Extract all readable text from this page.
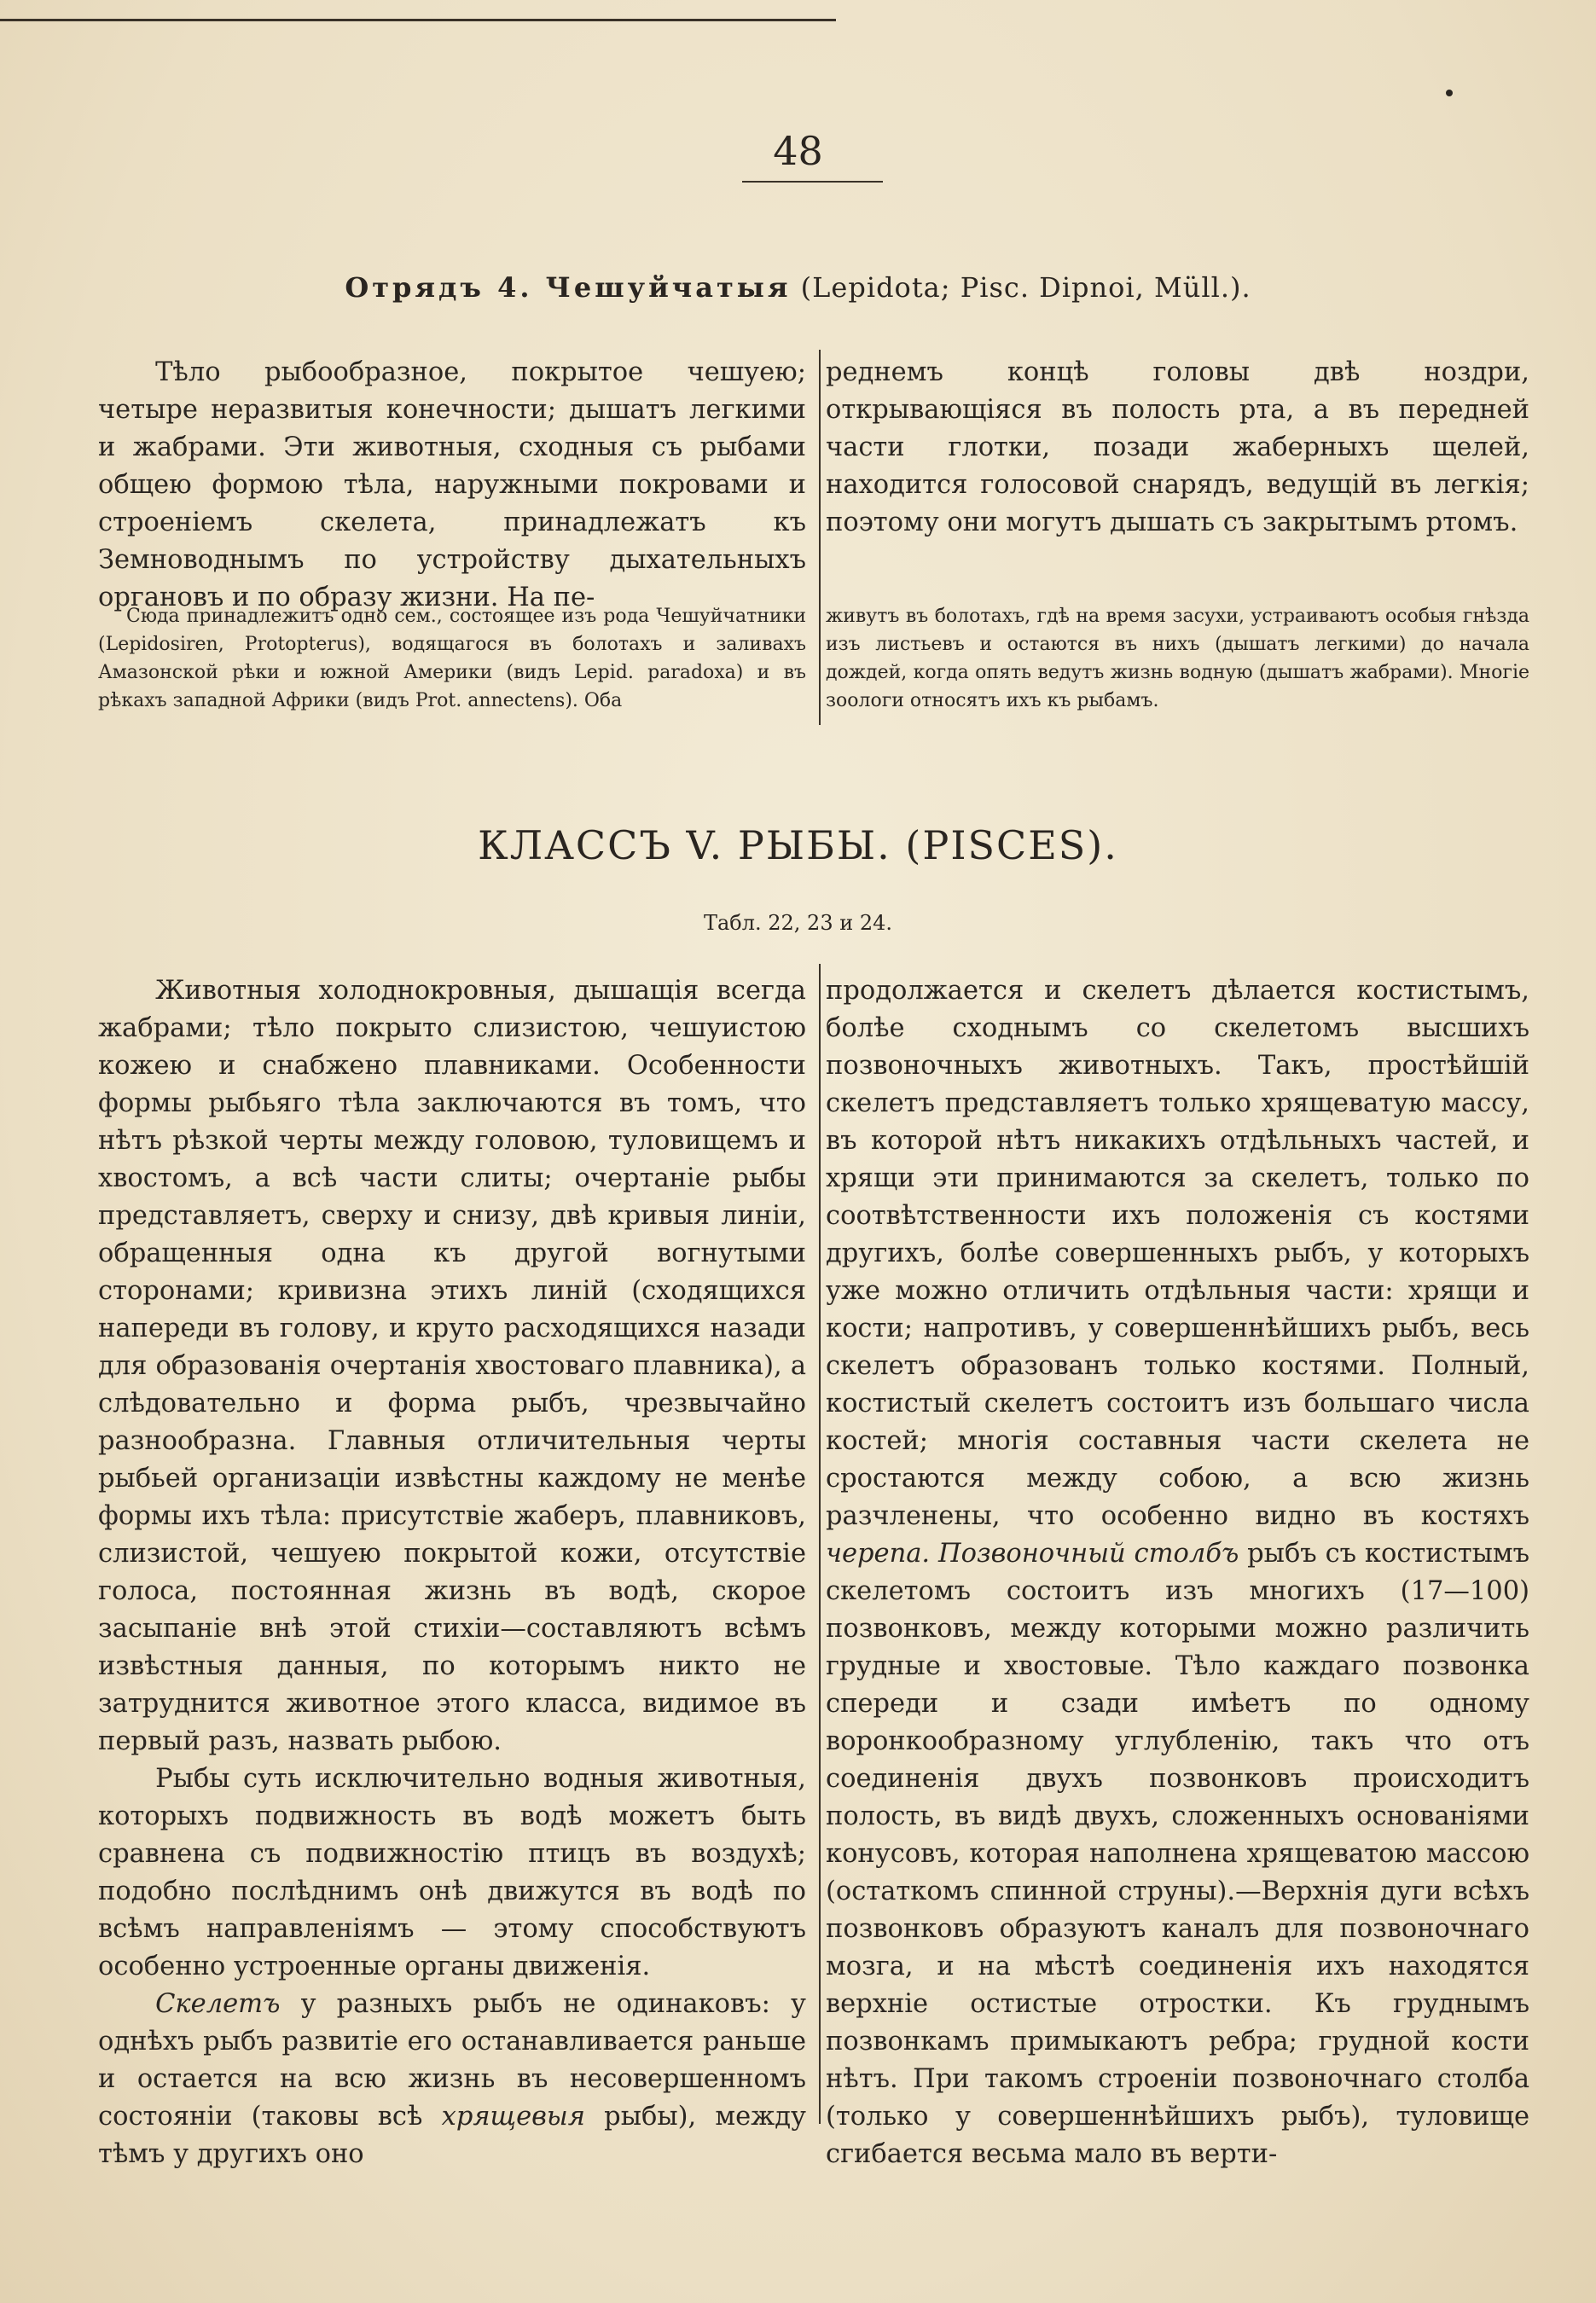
48
Отрядъ 4. Чешуйчатыя (Lepidota; Pisc. Dipnoi, Müll.).

Тѣло рыбообразное, покрытое чешуею; четыре неразвитыя конечности; дышатъ легкими и жабрами. Эти животныя, сходныя съ рыбами общею формою тѣла, наружными покровами и строеніемъ скелета, принадлежатъ къ Земноводнымъ по устройству дыхательныхъ органовъ и по образу жизни. На пе-

реднемъ концѣ головы двѣ ноздри, открывающіяся въ полость рта, а въ передней части глотки, позади жаберныхъ щелей, находится голосовой снарядъ, ведущій въ легкія; поэтому они могутъ дышать съ закрытымъ ртомъ.

Сюда принадлежитъ одно сем., состоящее изъ рода Чешуйчатники (Lepidosiren, Protopterus), водящагося въ болотахъ и заливахъ Амазонской рѣки и южной Америки (видъ Lepid. paradoxa) и въ рѣкахъ западной Африки (видъ Prot. annectens). Оба

живутъ въ болотахъ, гдѣ на время засухи, устраиваютъ особыя гнѣзда изъ листьевъ и остаются въ нихъ (дышатъ легкими) до начала дождей, когда опять ведутъ жизнь водную (дышатъ жабрами). Многіе зоологи относятъ ихъ къ рыбамъ.

КЛАССЪ V. РЫБЫ. (PISCES).
Табл. 22, 23 и 24.

Животныя холоднокровныя, дышащія всегда жабрами; тѣло покрыто слизистою, чешуистою кожею и снабжено плавниками. Особенности формы рыбьяго тѣла заключаются въ томъ, что нѣтъ рѣзкой черты между головою, туловищемъ и хвостомъ, а всѣ части слиты; очертаніе рыбы представляетъ, сверху и снизу, двѣ кривыя линіи, обращенныя одна къ другой вогнутыми сторонами; кривизна этихъ линій (сходящихся напереди въ голову, и круто расходящихся назади для образованія очертанія хвостоваго плавника), а слѣдовательно и форма рыбъ, чрезвычайно разнообразна. Главныя отличительныя черты рыбьей организаціи извѣстны каждому не менѣе формы ихъ тѣла: присутствіе жаберъ, плавниковъ, слизистой, чешуею покрытой кожи, отсутствіе голоса, постоянная жизнь въ водѣ, скорое засыпаніе внѣ этой стихіи—составляютъ всѣмъ извѣстныя данныя, по которымъ никто не затруднится животное этого класса, видимое въ первый разъ, назвать рыбою.

Рыбы суть исключительно водныя животныя, которыхъ подвижность въ водѣ можетъ быть сравнена съ подвижностію птицъ въ воздухѣ; подобно послѣднимъ онѣ движутся въ водѣ по всѣмъ направленіямъ — этому способствуютъ особенно устроенные органы движенія.

Скелетъ у разныхъ рыбъ не одинаковъ: у однѣхъ рыбъ развитіе его останавливается раньше и остается на всю жизнь въ несовершенномъ состояніи (таковы всѣ хрящевыя рыбы), между тѣмъ у другихъ оно

продолжается и скелетъ дѣлается костистымъ, болѣе сходнымъ со скелетомъ высшихъ позвоночныхъ животныхъ. Такъ, простѣйшій скелетъ представляетъ только хрящеватую массу, въ которой нѣтъ никакихъ отдѣльныхъ частей, и хрящи эти принимаются за скелетъ, только по соотвѣтственности ихъ положенія съ костями другихъ, болѣе совершенныхъ рыбъ, у которыхъ уже можно отличить отдѣльныя части: хрящи и кости; напротивъ, у совершеннѣйшихъ рыбъ, весь скелетъ образованъ только костями. Полный, костистый скелетъ состоитъ изъ большаго числа костей; многія составныя части скелета не сростаются между собою, а всю жизнь разчленены, что особенно видно въ костяхъ черепа. Позвоночный столбъ рыбъ съ костистымъ скелетомъ состоитъ изъ многихъ (17—100) позвонковъ, между которыми можно различить грудные и хвостовые. Тѣло каждаго позвонка спереди и сзади имѣетъ по одному воронкообразному углубленію, такъ что отъ соединенія двухъ позвонковъ происходитъ полость, въ видѣ двухъ, сложенныхъ основаніями конусовъ, которая наполнена хрящеватою массою (остаткомъ спинной струны).—Верхнія дуги всѣхъ позвонковъ образуютъ каналъ для позвоночнаго мозга, и на мѣстѣ соединенія ихъ находятся верхніе остистые отростки. Къ груднымъ позвонкамъ примыкаютъ ребра; грудной кости нѣтъ. При такомъ строеніи позвоночнаго столба (только у совершеннѣйшихъ рыбъ), туловище сгибается весьма мало въ верти-
